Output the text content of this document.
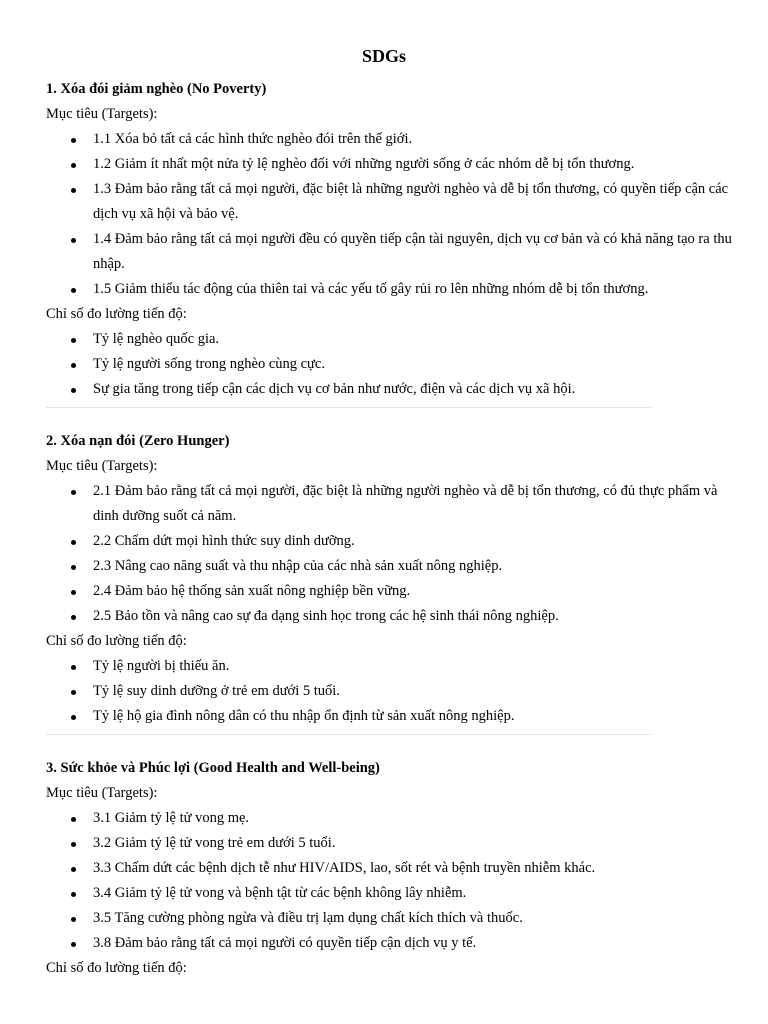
SDGs
1. Xóa đói giảm nghèo (No Poverty)
Mục tiêu (Targets):
1.1 Xóa bỏ tất cả các hình thức nghèo đói trên thế giới.
1.2 Giảm ít nhất một nửa tỷ lệ nghèo đối với những người sống ở các nhóm dễ bị tổn thương.
1.3 Đảm bảo rằng tất cả mọi người, đặc biệt là những người nghèo và dễ bị tổn thương, có quyền tiếp cận các dịch vụ xã hội và bảo vệ.
1.4 Đảm bảo rằng tất cả mọi người đều có quyền tiếp cận tài nguyên, dịch vụ cơ bản và có khả năng tạo ra thu nhập.
1.5 Giảm thiểu tác động của thiên tai và các yếu tố gây rủi ro lên những nhóm dễ bị tổn thương.
Chỉ số đo lường tiến độ:
Tỷ lệ nghèo quốc gia.
Tỷ lệ người sống trong nghèo cùng cực.
Sự gia tăng trong tiếp cận các dịch vụ cơ bản như nước, điện và các dịch vụ xã hội.
2. Xóa nạn đói (Zero Hunger)
Mục tiêu (Targets):
2.1 Đảm bảo rằng tất cả mọi người, đặc biệt là những người nghèo và dễ bị tổn thương, có đủ thực phẩm và dinh dưỡng suốt cả năm.
2.2 Chấm dứt mọi hình thức suy dinh dưỡng.
2.3 Nâng cao năng suất và thu nhập của các nhà sản xuất nông nghiệp.
2.4 Đảm bảo hệ thống sản xuất nông nghiệp bền vững.
2.5 Bảo tồn và nâng cao sự đa dạng sinh học trong các hệ sinh thái nông nghiệp.
Chỉ số đo lường tiến độ:
Tỷ lệ người bị thiếu ăn.
Tỷ lệ suy dinh dưỡng ở trẻ em dưới 5 tuổi.
Tỷ lệ hộ gia đình nông dân có thu nhập ổn định từ sản xuất nông nghiệp.
3. Sức khỏe và Phúc lợi (Good Health and Well-being)
Mục tiêu (Targets):
3.1 Giảm tỷ lệ tử vong mẹ.
3.2 Giảm tỷ lệ tử vong trẻ em dưới 5 tuổi.
3.3 Chấm dứt các bệnh dịch tễ như HIV/AIDS, lao, sốt rét và bệnh truyền nhiễm khác.
3.4 Giảm tỷ lệ tử vong và bệnh tật từ các bệnh không lây nhiễm.
3.5 Tăng cường phòng ngừa và điều trị lạm dụng chất kích thích và thuốc.
3.8 Đảm bảo rằng tất cả mọi người có quyền tiếp cận dịch vụ y tế.
Chỉ số đo lường tiến độ:
